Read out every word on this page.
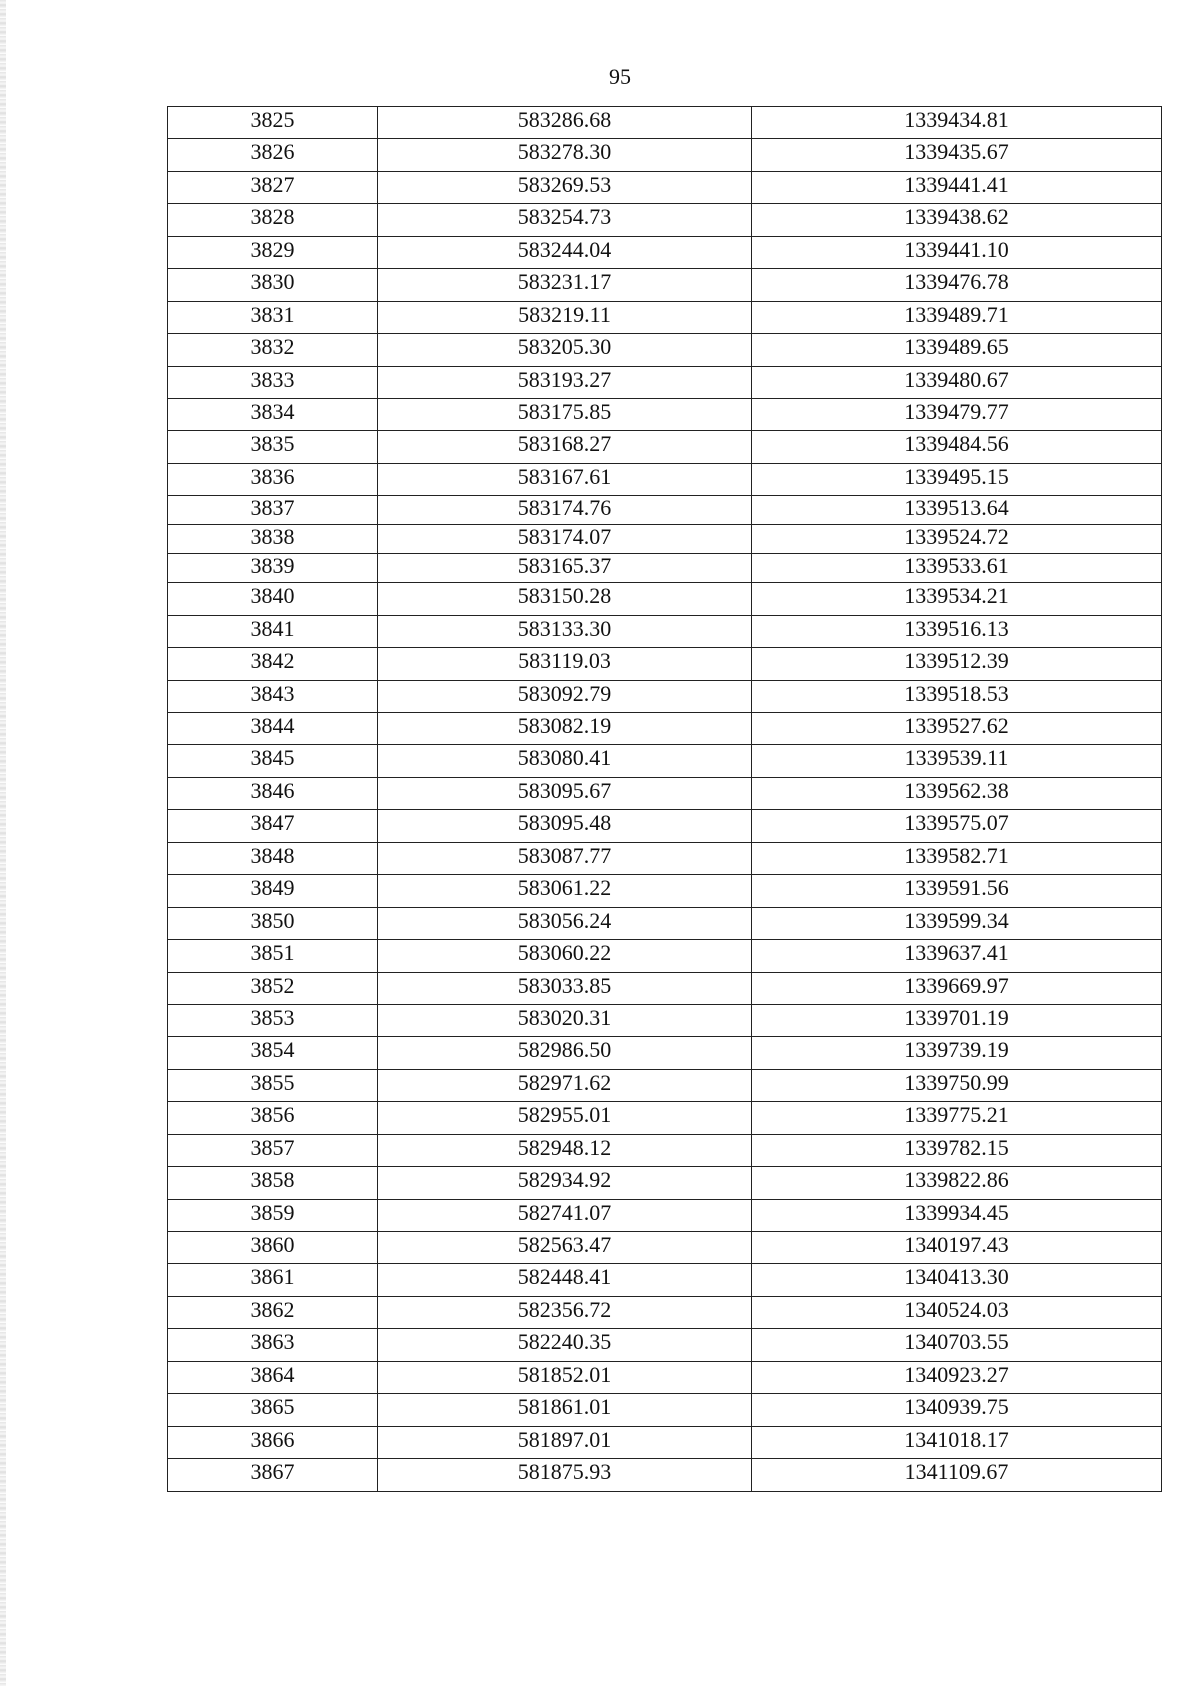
95
3825	583286.68	1339434.81
3826	583278.30	1339435.67
3827	583269.53	1339441.41
3828	583254.73	1339438.62
3829	583244.04	1339441.10
3830	583231.17	1339476.78
3831	583219.11	1339489.71
3832	583205.30	1339489.65
3833	583193.27	1339480.67
3834	583175.85	1339479.77
3835	583168.27	1339484.56
3836	583167.61	1339495.15
3837	583174.76	1339513.64
3838	583174.07	1339524.72
3839	583165.37	1339533.61
3840	583150.28	1339534.21
3841	583133.30	1339516.13
3842	583119.03	1339512.39
3843	583092.79	1339518.53
3844	583082.19	1339527.62
3845	583080.41	1339539.11
3846	583095.67	1339562.38
3847	583095.48	1339575.07
3848	583087.77	1339582.71
3849	583061.22	1339591.56
3850	583056.24	1339599.34
3851	583060.22	1339637.41
3852	583033.85	1339669.97
3853	583020.31	1339701.19
3854	582986.50	1339739.19
3855	582971.62	1339750.99
3856	582955.01	1339775.21
3857	582948.12	1339782.15
3858	582934.92	1339822.86
3859	582741.07	1339934.45
3860	582563.47	1340197.43
3861	582448.41	1340413.30
3862	582356.72	1340524.03
3863	582240.35	1340703.55
3864	581852.01	1340923.27
3865	581861.01	1340939.75
3866	581897.01	1341018.17
3867	581875.93	1341109.67
